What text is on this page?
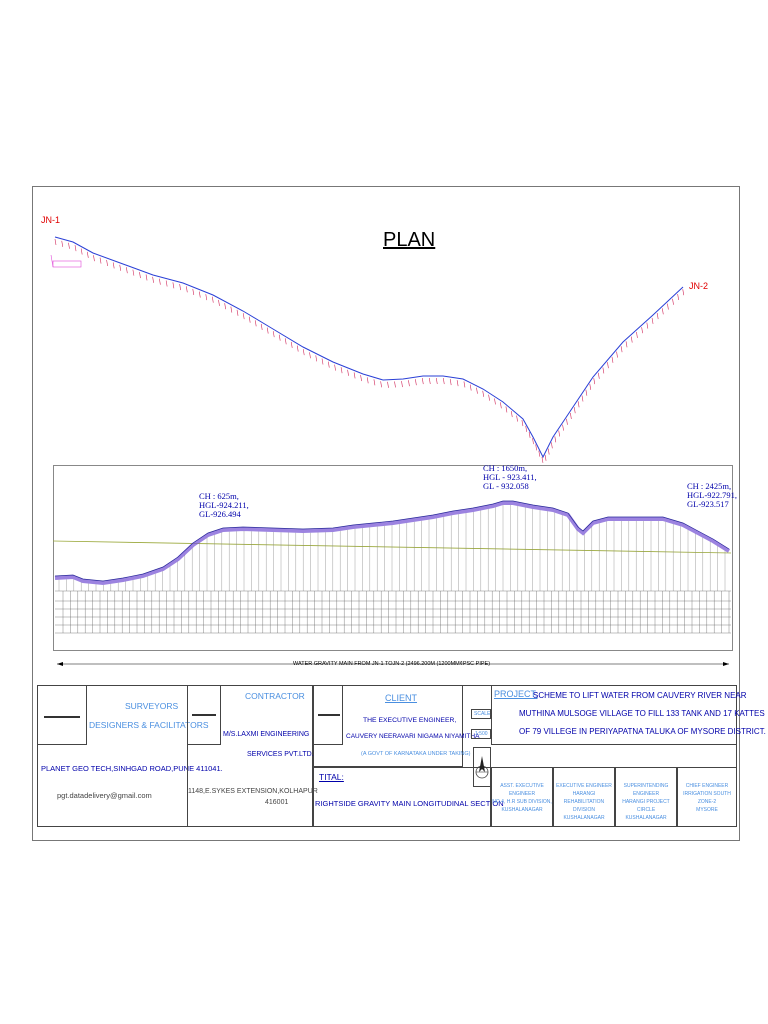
PLAN
JN-1
JN-2
CH : 625m,
HGL-924.211,
GL-926.494
CH : 1650m,
HGL - 923.411,
GL - 932.058	CH : 2425m,
HGL-922.791,
GL-923.517
WATER GRAVITY MAIN FROM JN-1 TOJN-2 (2496.200M (1200MM¢PSC PIPE)
SURVEYORS
DESIGNERS & FACILITATORS
PLANET GEO TECH,SINHGAD ROAD,PUNE 411041.
pgt.datadelivery@gmail.com
CONTRACTOR
M/S.LAXMI ENGINEERING
SERVICES PVT.LTD.
1148,E.SYKES EXTENSION,KOLHAPUR
416001
CLIENT
THE EXECUTIVE ENGINEER,
CAUVERY NEERAVARI NIGAMA NIYAMITHA
(A GOVT OF KARNATAKA UNDER TAKING)
SCALE
1:500
TITAL:
RIGHTSIDE GRAVITY MAIN LONGITUDINAL SECTION
PROJECT:
SCHEME TO LIFT WATER FROM CAUVERY RIVER NEAR
MUTHINA MULSOGE VILLAGE TO FILL 133 TANK AND 17 KATTES
OF 79 VILLEGE IN PERIYAPATNA TALUKA OF MYSORE DISTRICT.
ASST. EXECUTIVE ENGINEER
NO.4, H.R SUB DIVISION,
KUSHALANAGAR
EXECUTIVE ENGINEER
HARANGI REHABILITATION DIVISION
KUSHALANAGAR
SUPERINTENDING ENGINEER
HARANGI PROJECT CIRCLE
KUSHALANAGAR
CHIEF ENGINEER
IRRIGATION SOUTH ZONE-2
MYSORE
